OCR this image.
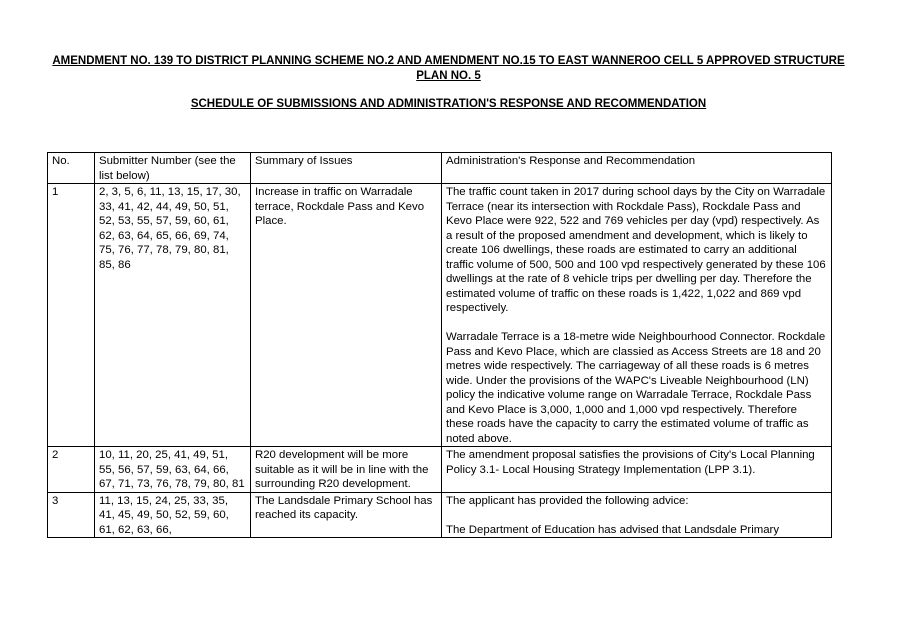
AMENDMENT NO. 139 TO DISTRICT PLANNING SCHEME NO.2 AND AMENDMENT NO.15 TO EAST WANNEROO CELL 5 APPROVED STRUCTURE PLAN NO. 5
SCHEDULE OF SUBMISSIONS AND ADMINISTRATION'S RESPONSE AND RECOMMENDATION
No.	Submitter Number (see the list below)	Summary of Issues	Administration's Response and Recommendation
1	2, 3, 5, 6, 11, 13, 15, 17, 30, 33, 41, 42, 44, 49, 50, 51, 52, 53, 55, 57, 59, 60, 61, 62, 63, 64, 65, 66, 69, 74, 75, 76, 77, 78, 79, 80, 81, 85, 86	Increase in traffic on Warradale terrace, Rockdale Pass and Kevo Place.	The traffic count taken in 2017 during school days by the City on Warradale Terrace (near its intersection with Rockdale Pass), Rockdale Pass and Kevo Place were 922, 522 and 769 vehicles per day (vpd) respectively. As a result of the proposed amendment and development, which is likely to create 106 dwellings, these roads are estimated to carry an additional traffic volume of 500, 500 and 100 vpd respectively generated by these 106 dwellings at the rate of 8 vehicle trips per dwelling per day. Therefore the estimated volume of traffic on these roads is 1,422, 1,022 and 869 vpd respectively.

Warradale Terrace is a 18-metre wide Neighbourhood Connector. Rockdale Pass and Kevo Place, which are classied as Access Streets are 18 and 20 metres wide respectively. The carriageway of all these roads is 6 metres wide. Under the provisions of the WAPC's Liveable Neighbourhood (LN) policy the indicative volume range on Warradale Terrace, Rockdale Pass and Kevo Place is 3,000, 1,000 and 1,000 vpd respectively. Therefore these roads have the capacity to carry the estimated volume of traffic as noted above.

2	10, 11, 20, 25, 41, 49, 51, 55, 56, 57, 59, 63, 64, 66, 67, 71, 73, 76, 78, 79, 80, 81	R20 development will be more suitable as it will be in line with the surrounding R20 development.	The amendment proposal satisfies the provisions of City's Local Planning Policy 3.1- Local Housing Strategy Implementation (LPP 3.1).

3	11, 13, 15, 24, 25, 33, 35, 41, 45, 49, 50, 52, 59, 60, 61, 62, 63, 66,	The Landsdale Primary School has reached its capacity.	The applicant has provided the following advice:

The Department of Education has advised that Landsdale Primary
